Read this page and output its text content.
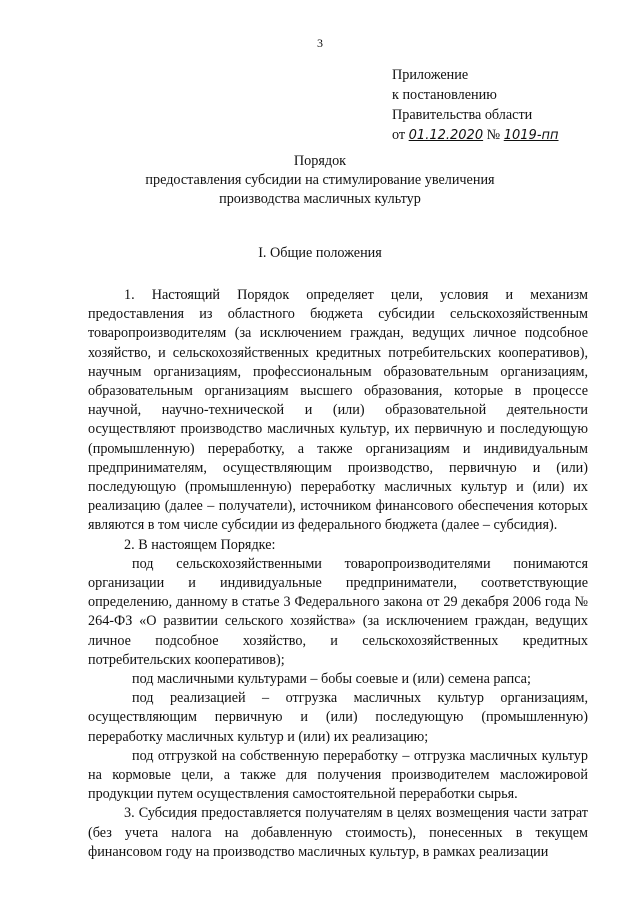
3
Приложение
к постановлению
Правительства области
от 01.12.2020 № 1019-пп
Порядок
предоставления субсидии на стимулирование увеличения
производства масличных культур
I. Общие положения

1. Настоящий Порядок определяет цели, условия и механизм предоставления из областного бюджета субсидии сельскохозяйственным товаропроизводителям (за исключением граждан, ведущих личное подсобное хозяйство, и сельскохозяйственных кредитных потребительских кооперативов), научным организациям, профессиональным образовательным организациям, образовательным организациям высшего образования, которые в процессе научной, научно-технической и (или) образовательной деятельности осуществляют производство масличных культур, их первичную и последующую (промышленную) переработку, а также организациям и индивидуальным предпринимателям, осуществляющим производство, первичную и (или) последующую (промышленную) переработку масличных культур и (или) их реализацию (далее – получатели), источником финансового обеспечения которых являются в том числе субсидии из федерального бюджета (далее – субсидия).

2. В настоящем Порядке:

под сельскохозяйственными товаропроизводителями понимаются организации и индивидуальные предприниматели, соответствующие определению, данному в статье 3 Федерального закона от 29 декабря 2006 года № 264-ФЗ «О развитии сельского хозяйства» (за исключением граждан, ведущих личное подсобное хозяйство, и сельскохозяйственных кредитных потребительских кооперативов);

под масличными культурами – бобы соевые и (или) семена рапса;

под реализацией – отгрузка масличных культур организациям, осуществляющим первичную и (или) последующую (промышленную) переработку масличных культур и (или) их реализацию;

под отгрузкой на собственную переработку – отгрузка масличных культур на кормовые цели, а также для получения производителем масложировой продукции путем осуществления самостоятельной переработки сырья.

3. Субсидия предоставляется получателям в целях возмещения части затрат (без учета налога на добавленную стоимость), понесенных в текущем финансовом году на производство масличных культур, в рамках реализации
